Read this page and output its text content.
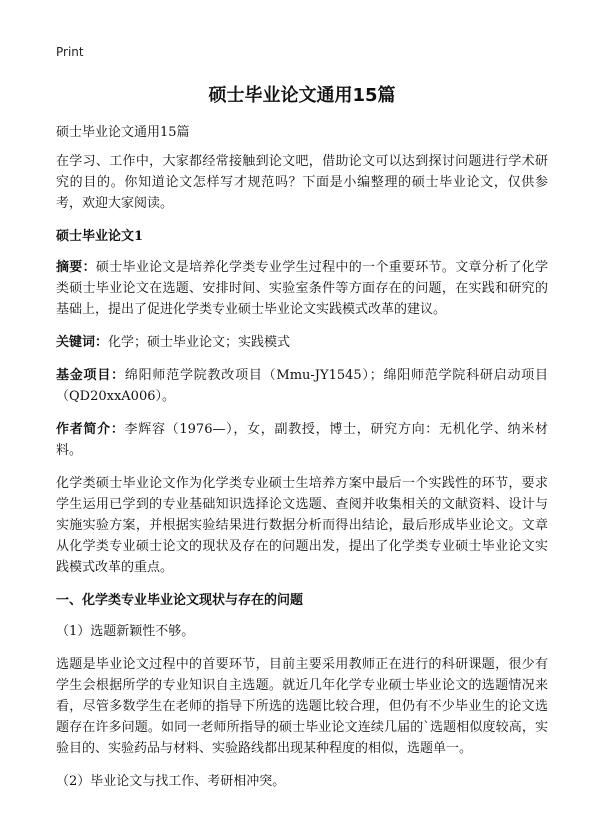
Print
硕士毕业论文通用15篇

硕士毕业论文通用15篇

在学习、工作中，大家都经常接触到论文吧，借助论文可以达到探讨问题进行学术研究的目的。你知道论文怎样写才规范吗？下面是小编整理的硕士毕业论文，仅供参考，欢迎大家阅读。

硕士毕业论文1

摘要：硕士毕业论文是培养化学类专业学生过程中的一个重要环节。文章分析了化学类硕士毕业论文在选题、安排时间、实验室条件等方面存在的问题，在实践和研究的基础上，提出了促进化学类专业硕士毕业论文实践模式改革的建议。

关键词：化学；硕士毕业论文；实践模式

基金项目：绵阳师范学院教改项目（Mmu-JY1545）；绵阳师范学院科研启动项目（QD20xxA006）。

作者简介：李辉容（1976—），女，副教授，博士，研究方向：无机化学、纳米材料。

化学类硕士毕业论文作为化学类专业硕士生培养方案中最后一个实践性的环节，要求学生运用已学到的专业基础知识选择论文选题、查阅并收集相关的文献资料、设计与实施实验方案，并根据实验结果进行数据分析而得出结论，最后形成毕业论文。文章从化学类专业硕士论文的现状及存在的问题出发，提出了化学类专业硕士毕业论文实践模式改革的重点。

一、化学类专业毕业论文现状与存在的问题

（1）选题新颖性不够。

选题是毕业论文过程中的首要环节，目前主要采用教师正在进行的科研课题，很少有学生会根据所学的专业知识自主选题。就近几年化学专业硕士毕业论文的选题情况来看，尽管多数学生在老师的指导下所选的选题比较合理，但仍有不少毕业生的论文选题存在许多问题。如同一老师所指导的硕士毕业论文连续几届的`选题相似度较高，实验目的、实验药品与材料、实验路线都出现某种程度的相似，选题单一。

（2）毕业论文与找工作、考研相冲突。
